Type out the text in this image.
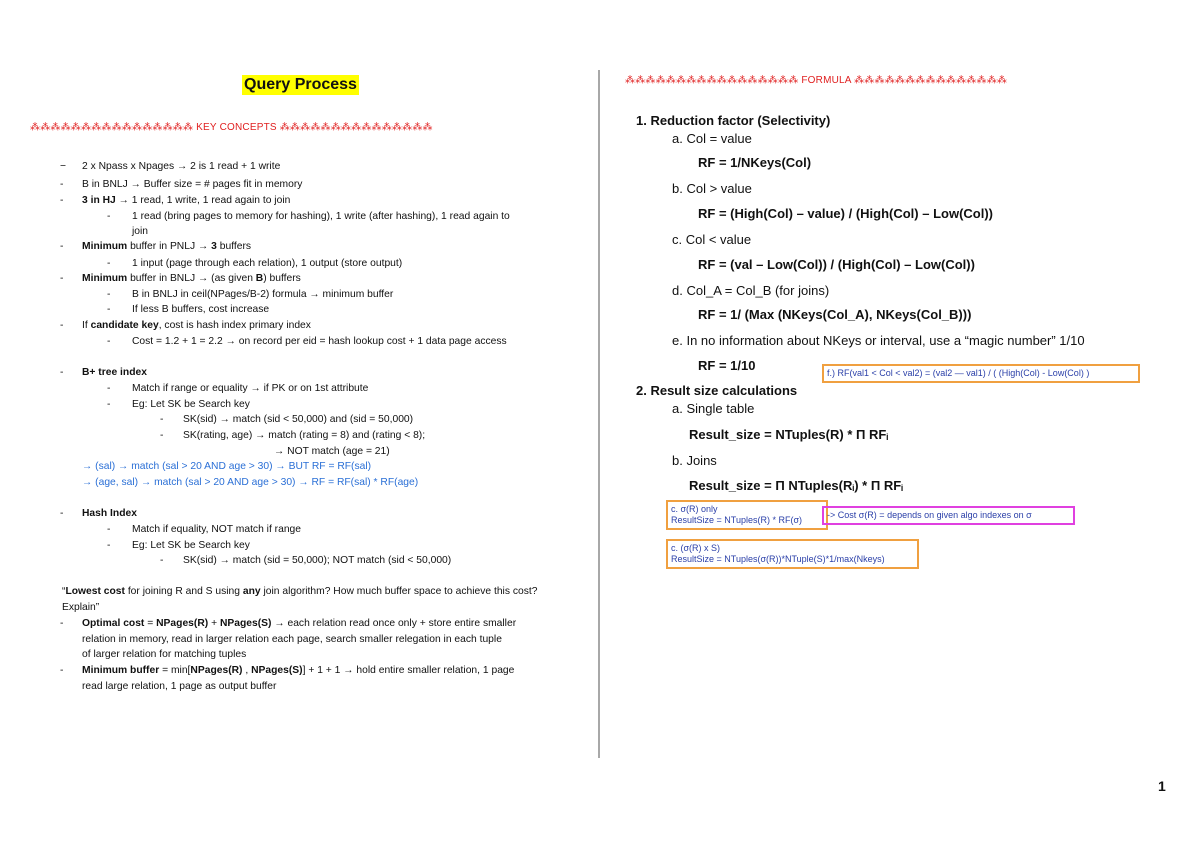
Query Process
⁂⁂⁂⁂⁂⁂⁂⁂⁂⁂⁂⁂⁂⁂⁂⁂ KEY CONCEPTS ⁂⁂⁂⁂⁂⁂⁂⁂⁂⁂⁂⁂⁂⁂⁂
− 2 x Npass x Npages → 2 is 1 read + 1 write
- B in BNLJ → Buffer size = # pages fit in memory
- 3 in HJ → 1 read, 1 write, 1 read again to join
- 1 read (bring pages to memory for hashing), 1 write (after hashing), 1 read again to
join
- Minimum buffer in PNLJ → 3 buffers
- 1 input (page through each relation), 1 output (store output)
- Minimum buffer in BNLJ → (as given B) buffers
- B in BNLJ in ceil(NPages/B-2) formula → minimum buffer
- If less B buffers, cost increase
- If candidate key, cost is hash index primary index
- Cost = 1.2 + 1 = 2.2 → on record per eid = hash lookup cost + 1 data page access
- B+ tree index
- Match if range or equality → if PK or on 1st attribute
- Eg: Let SK be Search key
- SK(sid) → match (sid < 50,000) and (sid = 50,000)
- SK(rating, age) → match (rating = 8) and (rating < 8);
→ NOT match (age = 21)
→ (sal) → match (sal > 20 AND age > 30) → BUT RF = RF(sal)
→ (age, sal) → match (sal > 20 AND age > 30) → RF = RF(sal) * RF(age)
- Hash Index
- Match if equality, NOT match if range
- Eg: Let SK be Search key
- SK(sid) → match (sid = 50,000); NOT match (sid < 50,000)
“Lowest cost for joining R and S using any join algorithm? How much buffer space to achieve this cost?
Explain”
- Optimal cost = NPages(R) + NPages(S) → each relation read once only + store entire smaller
relation in memory, read in larger relation each page, search smaller relegation in each tuple
of larger relation for matching tuples
- Minimum buffer = min[NPages(R) , NPages(S)] + 1 + 1 → hold entire smaller relation, 1 page
read large relation, 1 page as output buffer
⁂⁂⁂⁂⁂⁂⁂⁂⁂⁂⁂⁂⁂⁂⁂⁂⁂ FORMULA ⁂⁂⁂⁂⁂⁂⁂⁂⁂⁂⁂⁂⁂⁂⁂
1. Reduction factor (Selectivity)
a. Col = value
RF = 1/NKeys(Col)
b. Col > value
RF = (High(Col) – value) / (High(Col) – Low(Col))
c. Col < value
RF = (val – Low(Col)) / (High(Col) – Low(Col))
d. Col_A = Col_B (for joins)
RF = 1/ (Max (NKeys(Col_A), NKeys(Col_B)))
e. In no information about NKeys or interval, use a “magic number” 1/10
RF = 1/10	f.) RF(val1 < Col < val2) = (val2 — val1) / ( (High(Col) - Low(Col) )
2. Result size calculations
a. Single table
Result_size = NTuples(R) * Π RFᵢ
b. Joins
Result_size = Π NTuples(Rᵢ) * Π RFᵢ
c. σ(R) only
ResultSize = NTuples(R) * RF(σ)	-> Cost σ(R) = depends on given algo indexes on σ
c. (σ(R) x S)
ResultSize = NTuples(σ(R))*NTuple(S)*1/max(Nkeys)
1
